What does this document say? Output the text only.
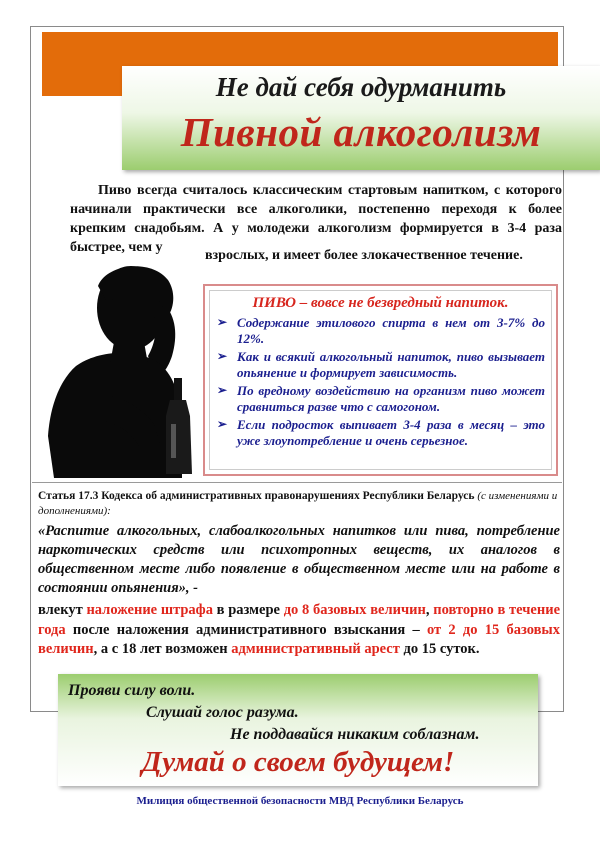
Не дай себя одурманить
Пивной алкоголизм
Пиво всегда считалось классическим стартовым напитком, с которого начинали практически все алкоголики, постепенно переходя к более крепким снадобьям. А у молодежи алкоголизм формируется в 3-4 раза быстрее, чем у
взрослых, и имеет более злокачественное течение.
ПИВО – вовсе не безвредный напиток.
➢ Содержание этилового спирта в нем от 3-7% до 12%.
➢ Как и всякий алкогольный напиток, пиво вызывает опьянение и формирует зависимость.
➢ По вредному воздействию на организм пиво может сравниться разве что с самогоном.
➢ Если подросток выпивает 3-4 раза в месяц – это уже злоупотребление и очень серьезное.
Статья 17.3 Кодекса об административных правонарушениях Республики Беларусь (с изменениями и дополнениями):
«Распитие алкогольных, слабоалкогольных напитков или пива, потребление наркотических средств или психотропных веществ, их аналогов в общественном месте либо появление в общественном месте или на работе в состоянии опьянения», -
влекут наложение штрафа в размере до 8 базовых величин, повторно в течение года после наложения административного взыскания – от 2 до 15 базовых величин, а с 18 лет возможен административный арест до 15 суток.
Прояви силу воли.
Слушай голос разума.
Не поддавайся никаким соблазнам.
Думай о своем будущем!
Милиция общественной безопасности МВД Республики Беларусь
